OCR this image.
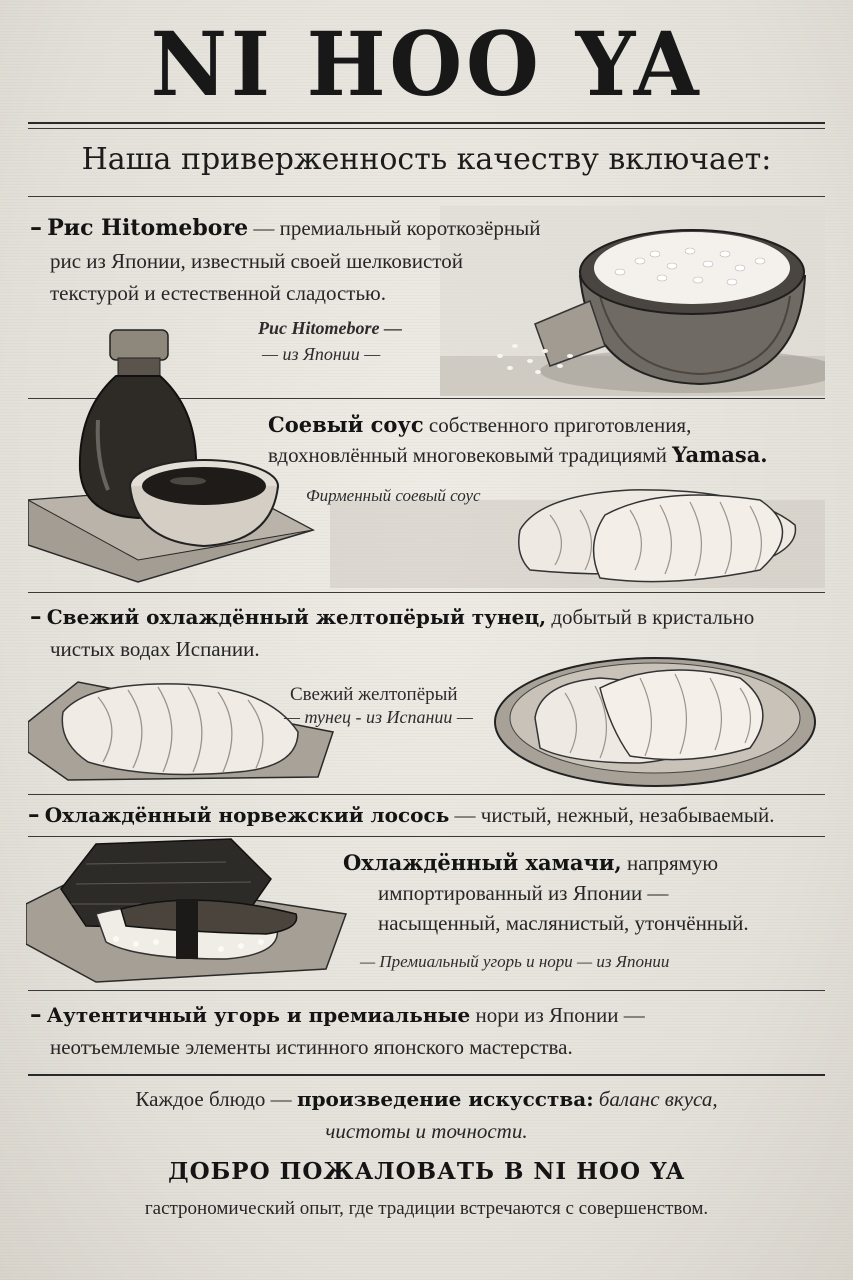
NI HOO YA
Наша приверженность качеству включает:
– Рис Hitomebore — премиальный короткозёрный
рис из Японии, известный своей шелковистой
текстурой и естественной сладостью.
Рис Hitomebore —
— из Японии —
Соевый соус собственного приготовления,
вдохновлённый многовековымй традициямй Yamasa.
Фирменный соевый соус
– Свежий охлаждённый желтопёрый тунец, добытый в кристально
чистых водах Испании.
Свежий желтопёрый
— тунец - из Испании —
– Охлаждённый норвежский лосось — чистый, нежный, незабываемый.
Охлаждённый хамачи, напрямую
импортированный из Японии —
насыщенный, маслянистый, утончённый.
— Премиальный угорь и нори — из Японии
– Аутентичный угорь и премиальные нори из Японии —
неотъемлемые элементы истинного японского мастерства.
Каждое блюдо — произведение искусства: баланс вкуса,
чистоты и точности.
ДОБРО ПОЖАЛОВАТЬ В NI HOO YA
гастрономический опыт, где традиции встречаются с совершенством.
